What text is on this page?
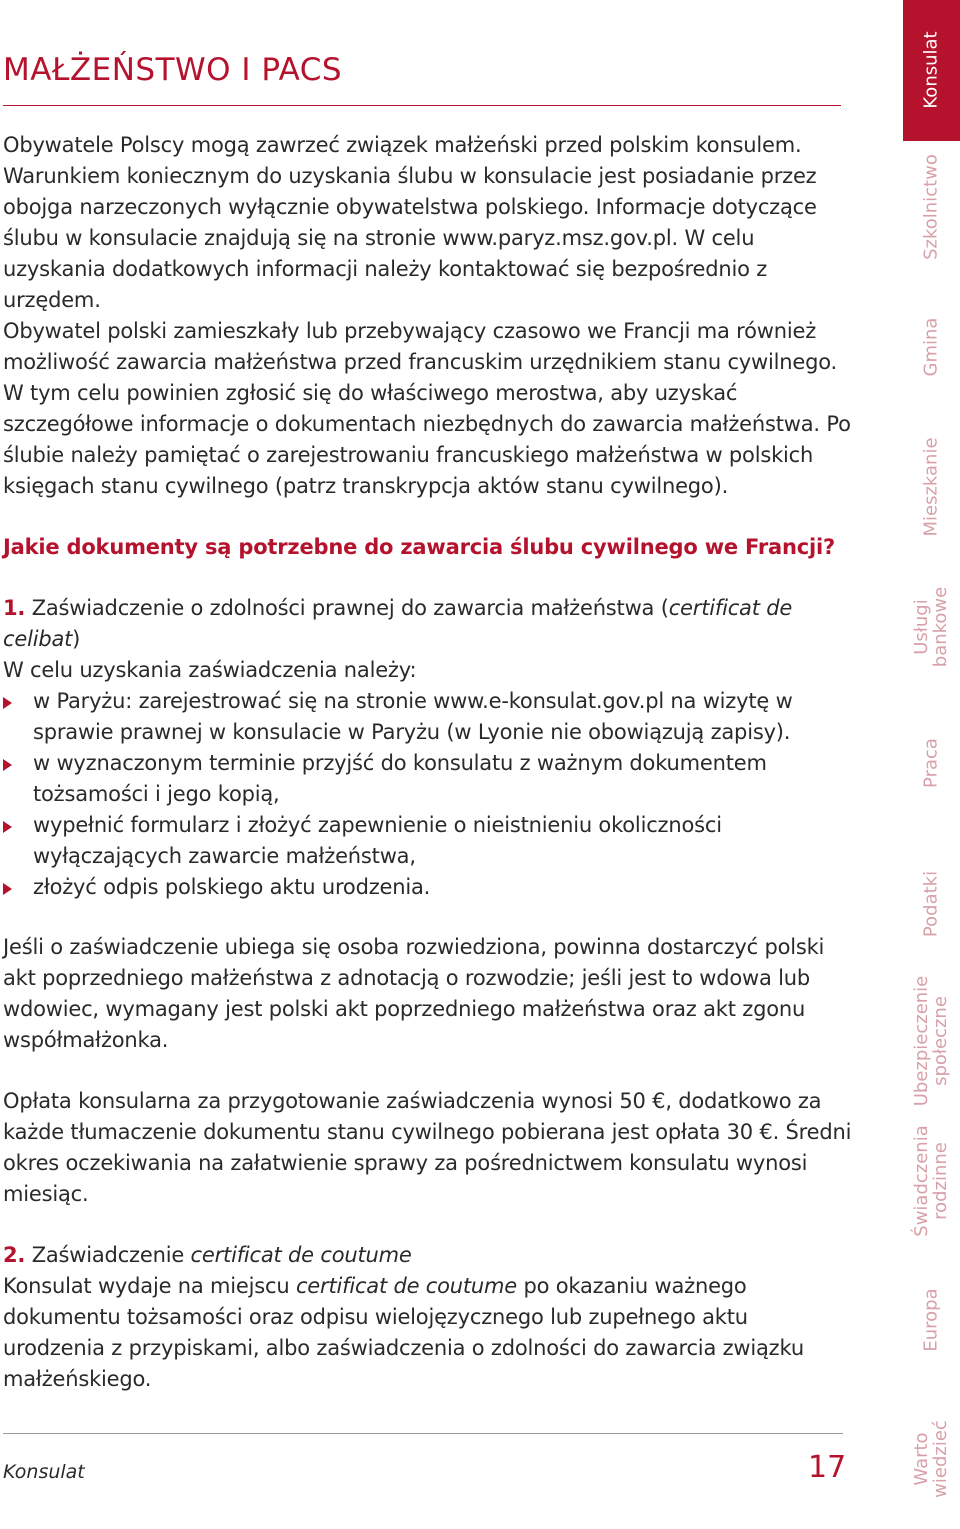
MAŁŻEŃSTWO I PACS

Obywatele Polscy mogą zawrzeć związek małżeński przed polskim konsulem. Warunkiem koniecznym do uzyskania ślubu w konsulacie jest posiadanie przez obojga narzeczonych wyłącznie obywatelstwa polskiego. Informacje dotyczące ślubu w konsulacie znajdują się na stronie www.paryz.msz.gov.pl. W celu uzyskania dodatkowych informacji należy kontaktować się bezpośrednio z urzędem.

Obywatel polski zamieszkały lub przebywający czasowo we Francji ma również możliwość zawarcia małżeństwa przed francuskim urzędnikiem stanu cywilnego. W tym celu powinien zgłosić się do właściwego merostwa, aby uzyskać szczegółowe informacje o dokumentach niezbędnych do zawarcia małżeństwa. Po ślubie należy pamiętać o zarejestrowaniu francuskiego małżeństwa w polskich księgach stanu cywilnego (patrz transkrypcja aktów stanu cywilnego).

Jakie dokumenty są potrzebne do zawarcia ślubu cywilnego we Francji?

1. Zaświadczenie o zdolności prawnej do zawarcia małżeństwa (certificat de celibat)

W celu uzyskania zaświadczenia należy:

w Paryżu: zarejestrować się na stronie www.e-konsulat.gov.pl na wizytę w sprawie prawnej w konsulacie w Paryżu (w Lyonie nie obowiązują zapisy).
w wyznaczonym terminie przyjść do konsulatu z ważnym dokumentem tożsamości i jego kopią,
wypełnić formularz i złożyć zapewnienie o nieistnieniu okoliczności wyłączających zawarcie małżeństwa,
złożyć odpis polskiego aktu urodzenia.

Jeśli o zaświadczenie ubiega się osoba rozwiedziona, powinna dostarczyć polski akt poprzedniego małżeństwa z adnotacją o rozwodzie; jeśli jest to wdowa lub wdowiec, wymagany jest polski akt poprzedniego małżeństwa oraz akt zgonu współmałżonka.

Opłata konsularna za przygotowanie zaświadczenia wynosi 50 €, dodatkowo za każde tłumaczenie dokumentu stanu cywilnego pobierana jest opłata 30 €. Średni okres oczekiwania na załatwienie sprawy za pośrednictwem konsulatu wynosi miesiąc.

2. Zaświadczenie certificat de coutume

Konsulat wydaje na miejscu certificat de coutume po okazaniu ważnego dokumentu tożsamości oraz odpisu wielojęzycznego lub zupełnego aktu urodzenia z przypiskami, albo zaświadczenia o zdolności do zawarcia związku małżeńskiego.

Konsulat	17
Konsulat
Szkolnictwo
Gmina
Mieszkanie
Usługi
bankowe
Praca
Podatki
Ubezpieczenie
społeczne
Świadczenia
rodzinne
Europa
Warto
wiedzieć
